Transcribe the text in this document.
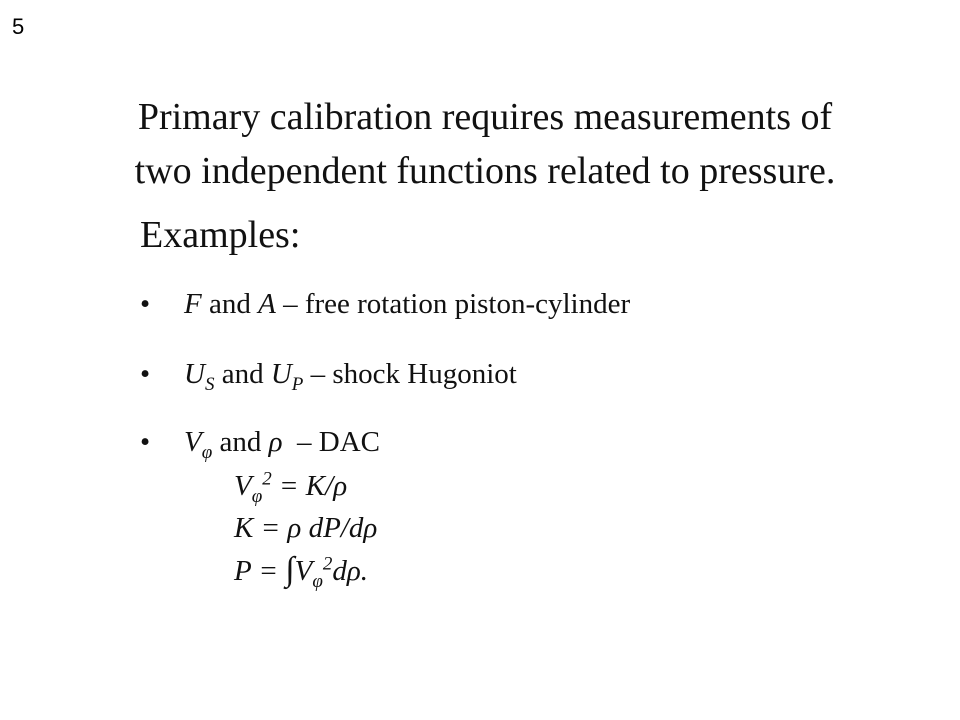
5
Primary calibration requires measurements of
two independent functions related to pressure.
Examples:
• F and A – free rotation piston-cylinder
• $U_S$ and $U_P$ – shock Hugoniot
• $V_\varphi$ and ρ  – DAC
$V_\varphi^2 = K/\rho$
K = ρ dP/dρ
$P = \int V_\varphi^2d\rho$.
